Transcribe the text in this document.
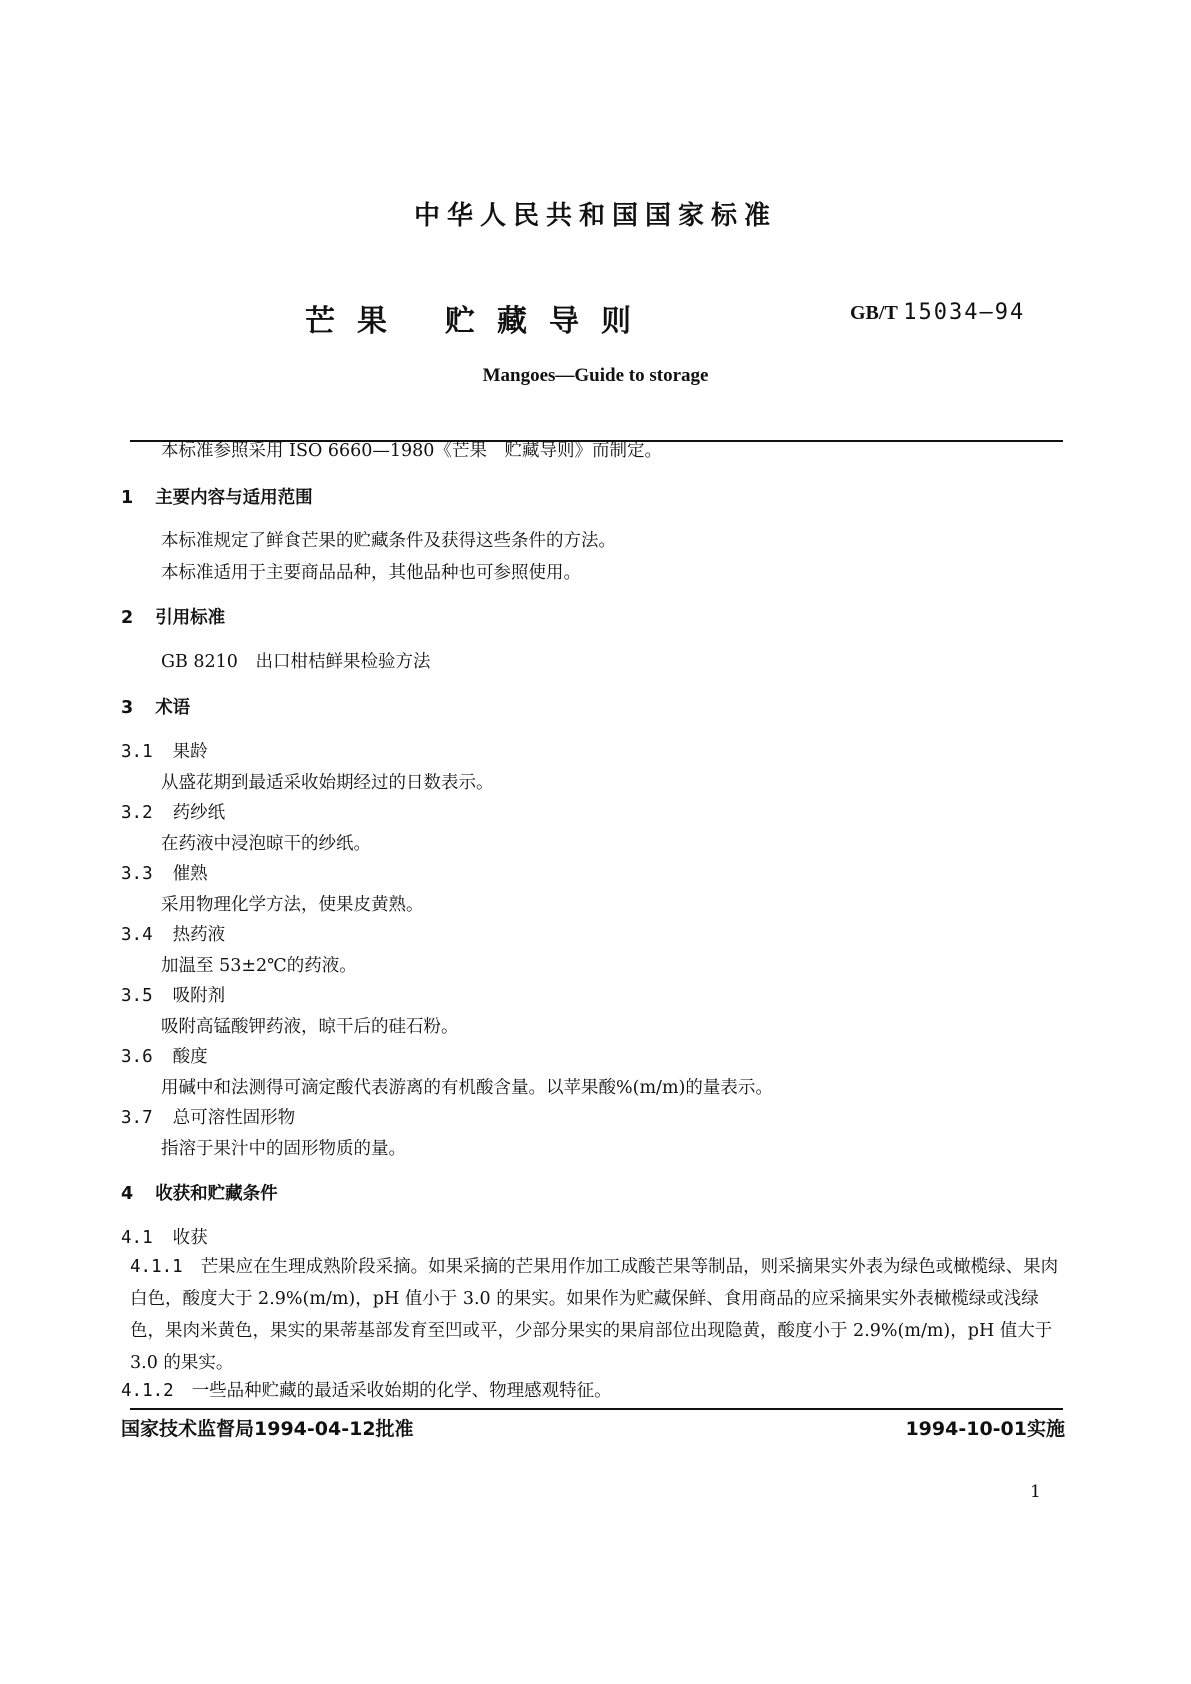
中华人民共和国国家标准
芒果 贮藏导则	GB/T 15034—94
Mangoes—Guide to storage
本标准参照采用 ISO 6660—1980《芒果　贮藏导则》而制定。
1 主要内容与适用范围
本标准规定了鲜食芒果的贮藏条件及获得这些条件的方法。
本标准适用于主要商品品种，其他品种也可参照使用。
2 引用标准
GB 8210　出口柑桔鲜果检验方法
3 术语
3.1 果龄
从盛花期到最适采收始期经过的日数表示。
3.2 药纱纸
在药液中浸泡晾干的纱纸。
3.3 催熟
采用物理化学方法，使果皮黄熟。
3.4 热药液
加温至 53±2℃的药液。
3.5 吸附剂
吸附高锰酸钾药液，晾干后的硅石粉。
3.6 酸度
用碱中和法测得可滴定酸代表游离的有机酸含量。以苹果酸%(m/m)的量表示。
3.7 总可溶性固形物
指溶于果汁中的固形物质的量。
4 收获和贮藏条件
4.1 收获
4.1.1 芒果应在生理成熟阶段采摘。如果采摘的芒果用作加工成酸芒果等制品，则采摘果实外表为绿色或橄榄绿、果肉白色，酸度大于 2.9%(m/m)，pH 值小于 3.0 的果实。如果作为贮藏保鲜、食用商品的应采摘果实外表橄榄绿或浅绿色，果肉米黄色，果实的果蒂基部发育至凹或平，少部分果实的果肩部位出现隐黄，酸度小于 2.9%(m/m)，pH 值大于 3.0 的果实。
4.1.2 一些品种贮藏的最适采收始期的化学、物理感观特征。
国家技术监督局1994-04-12批准	1994-10-01实施
1
